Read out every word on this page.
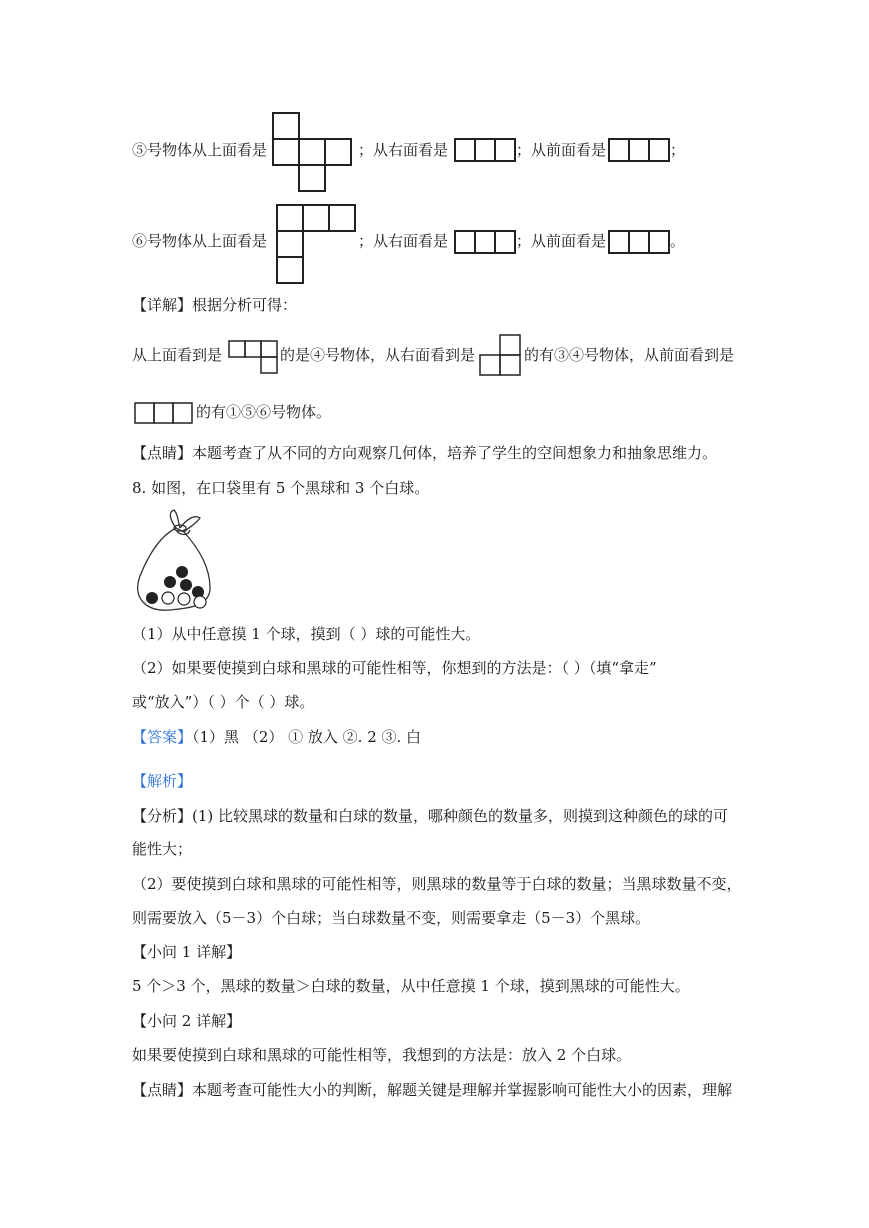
⑤号物体从上面看是	；从右面看是	；从前面看是	；
⑥号物体从上面看是	；从右面看是	；从前面看是	。
【详解】根据分析可得：
从上面看到是	的是④号物体，从右面看到是	的有③④号物体，从前面看到是
的有①⑤⑥号物体。
【点睛】本题考查了从不同的方向观察几何体，培养了学生的空间想象力和抽象思维力。
8. 如图，在口袋里有 5 个黑球和 3 个白球。
（1）从中任意摸 1 个球，摸到（ ）球的可能性大。
（2）如果要使摸到白球和黑球的可能性相等，你想到的方法是：（ ）（填“拿走”
或“放入”）（ ）个（ ）球。
【答案】（1）黑 （2） ① 放入 ②. 2 ③. 白
【解析】
【分析】(1) 比较黑球的数量和白球的数量，哪种颜色的数量多，则摸到这种颜色的球的可
能性大；
（2）要使摸到白球和黑球的可能性相等，则黑球的数量等于白球的数量；当黑球数量不变，
则需要放入（5－3）个白球；当白球数量不变，则需要拿走（5－3）个黑球。
【小问 1 详解】
5 个＞3 个，黑球的数量＞白球的数量，从中任意摸 1 个球，摸到黑球的可能性大。
【小问 2 详解】
如果要使摸到白球和黑球的可能性相等，我想到的方法是：放入 2 个白球。
【点睛】本题考查可能性大小的判断，解题关键是理解并掌握影响可能性大小的因素，理解
